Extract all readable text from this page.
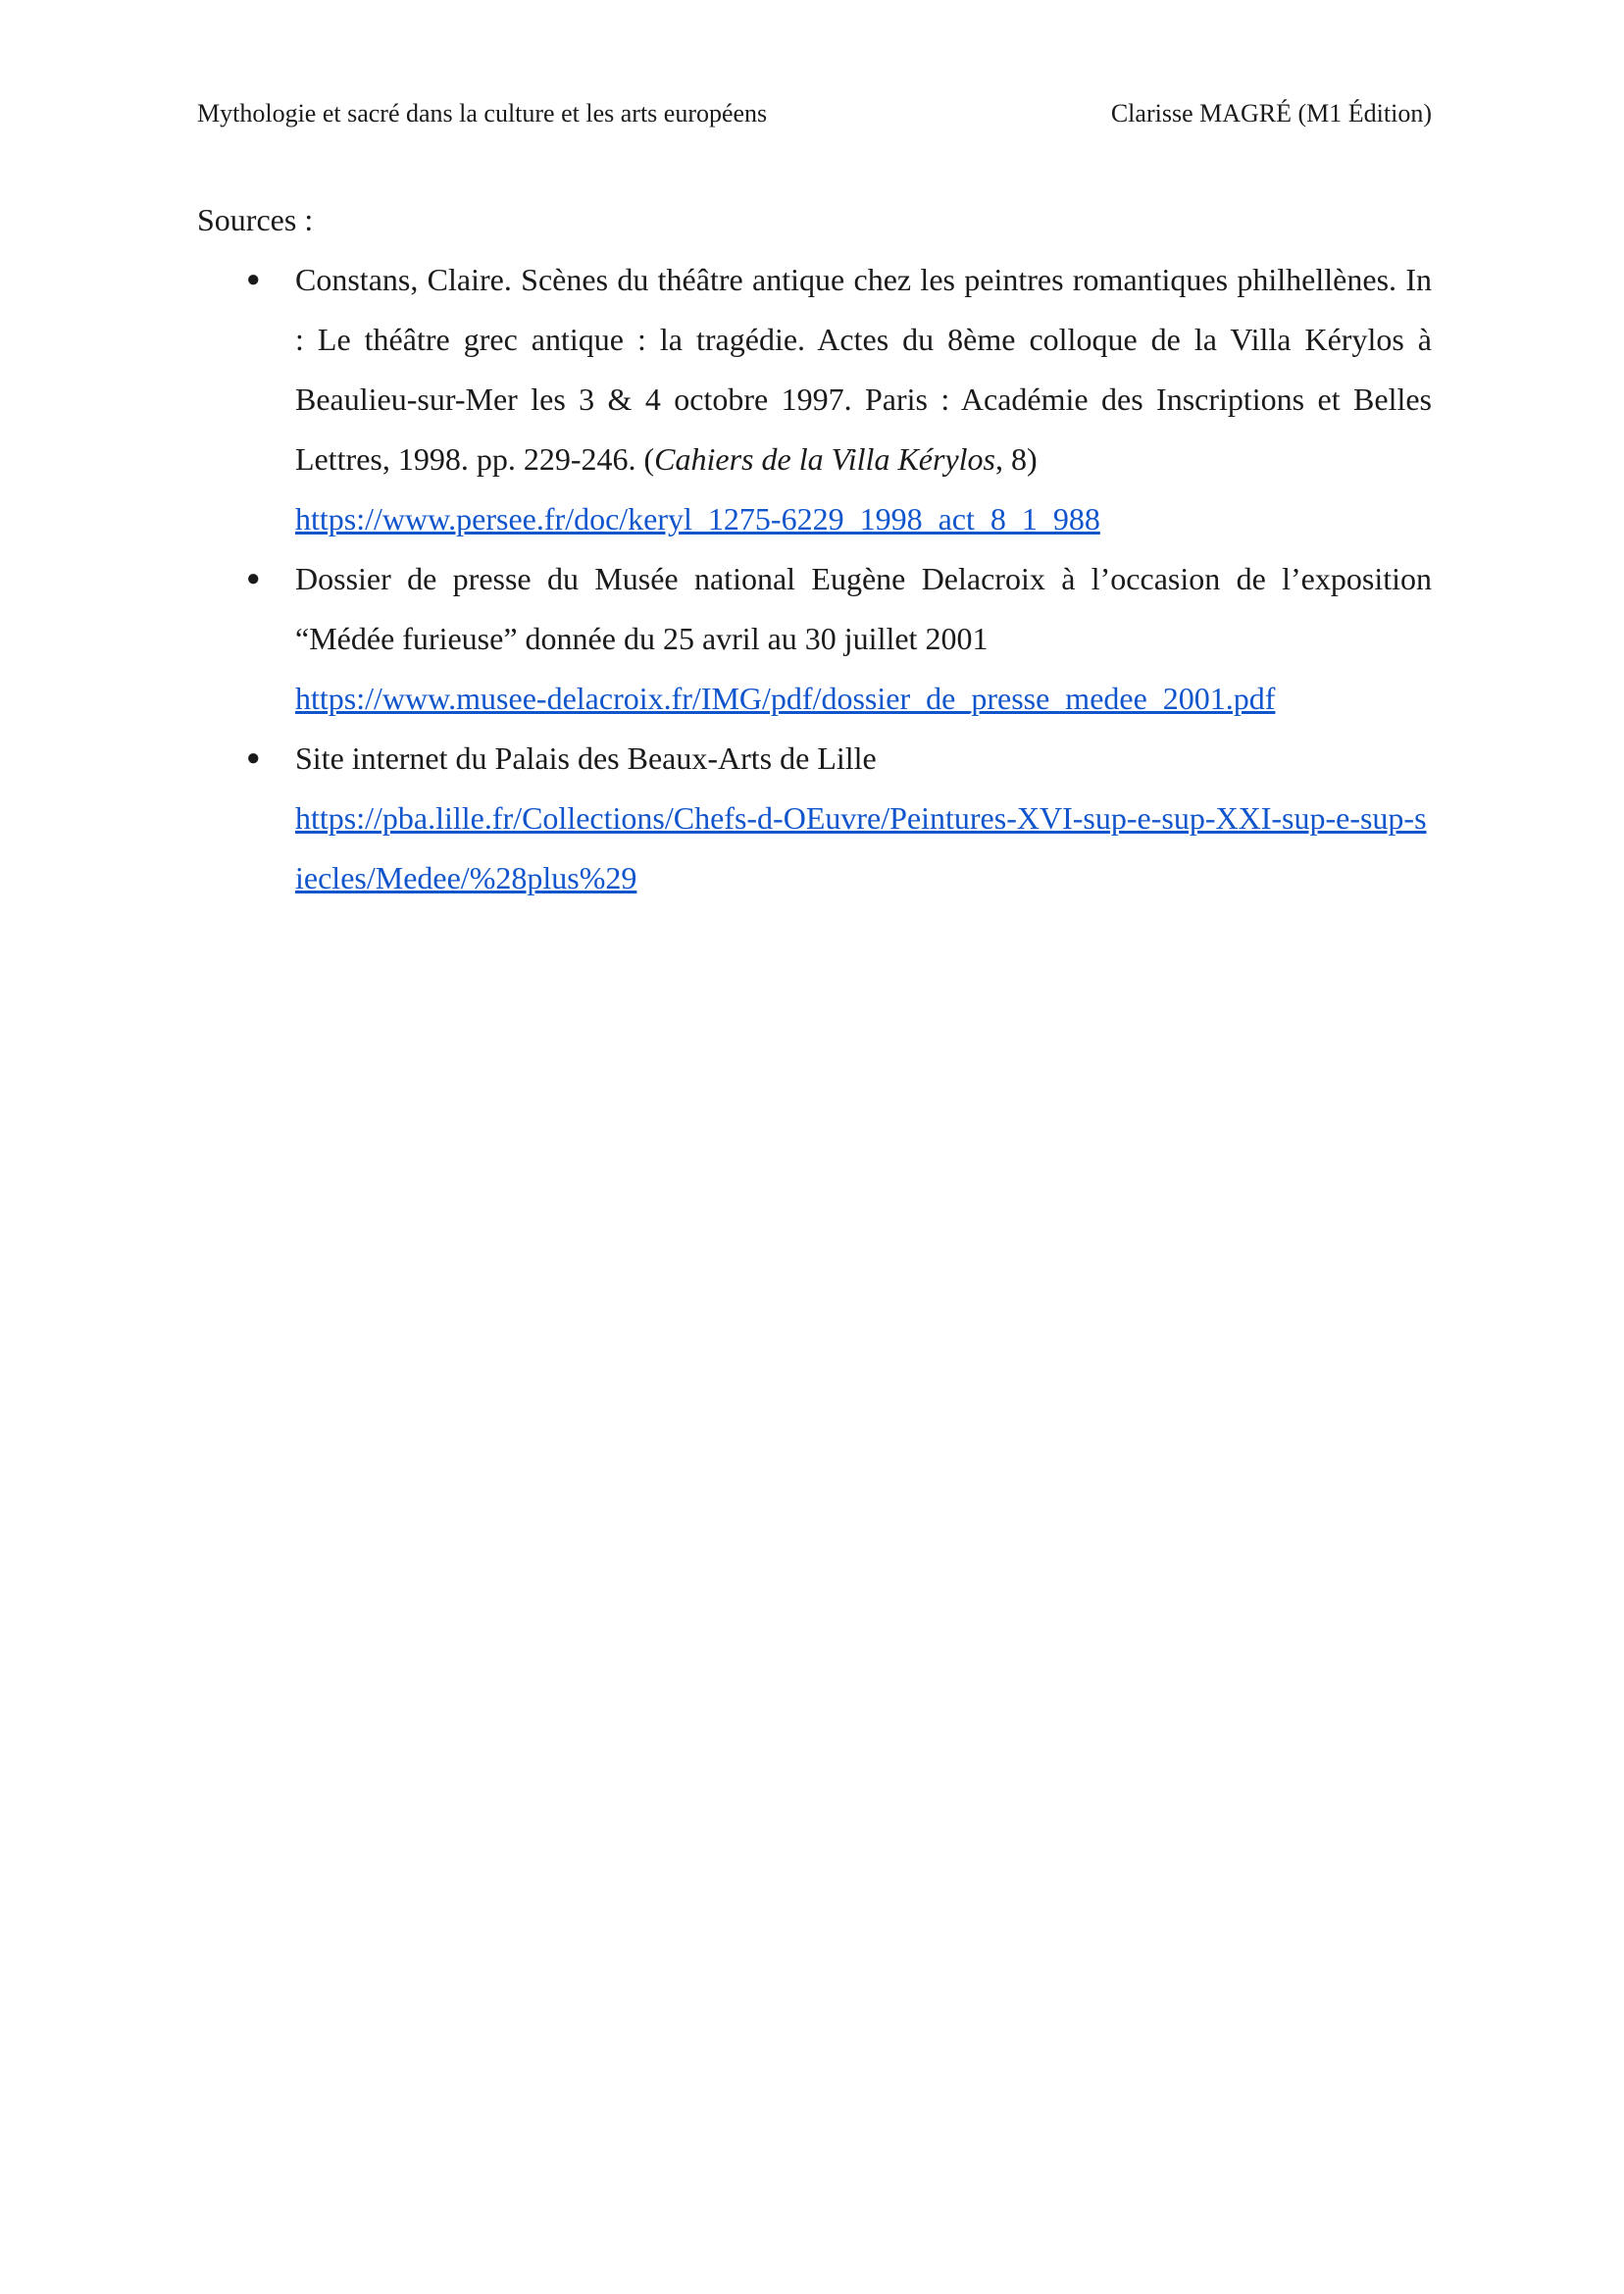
Mythologie et sacré dans la culture et les arts européens	Clarisse MAGRÉ (M1 Édition)

Sources :

● Constans, Claire. Scènes du théâtre antique chez les peintres romantiques philhellènes. In : Le théâtre grec antique : la tragédie. Actes du 8ème colloque de la Villa Kérylos à Beaulieu-sur-Mer les 3 & 4 octobre 1997. Paris : Académie des Inscriptions et Belles Lettres, 1998. pp. 229-246. (Cahiers de la Villa Kérylos, 8)
https://www.persee.fr/doc/keryl_1275-6229_1998_act_8_1_988
● Dossier de presse du Musée national Eugène Delacroix à l’occasion de l’exposition “Médée furieuse” donnée du 25 avril au 30 juillet 2001
https://www.musee-delacroix.fr/IMG/pdf/dossier_de_presse_medee_2001.pdf
● Site internet du Palais des Beaux-Arts de Lille
https://pba.lille.fr/Collections/Chefs-d-OEuvre/Peintures-XVI-sup-e-sup-XXI-sup-e-sup-siecles/Medee/%28plus%29
